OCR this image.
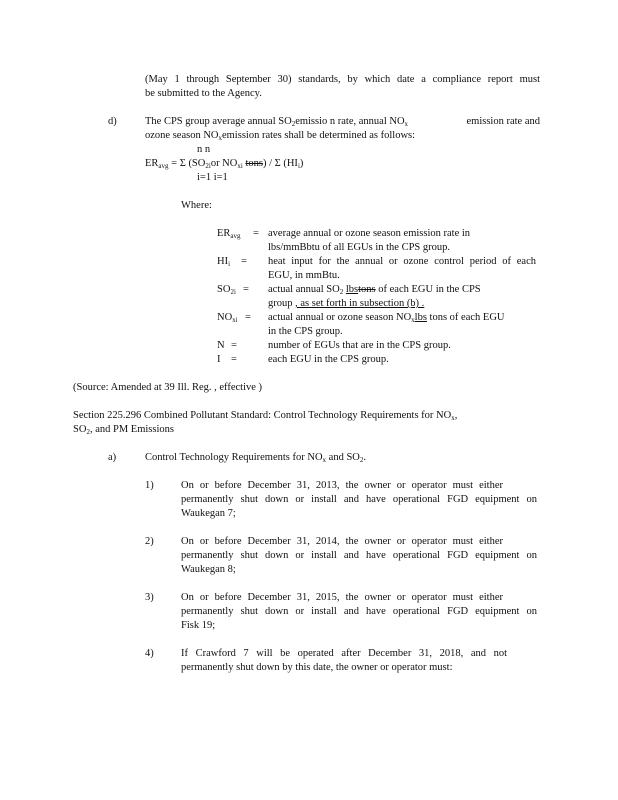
(May 1 through September 30) standards, by which date a compliance report must
be submitted to the Agency.
d)	The CPS group average annual $SO_2emissio$ n rate, annual $NO_x$	emission rate and
ozone season $NO_xemission$ rates shall be determined as follows:
n n
$ER_{avg} = \Sigma$ ($SO_{2i}or$ $NO_{xi}$ tons) / Σ $(HI_i)$
i=1 i=1
Where:
$ER_{avg}$ = average annual or ozone season emission rate in
lbs/mmBbtu of all EGUs in the CPS group.
$HI_i$ = heat input for the annual or ozone control period of each
EGU, in mmBtu.
$SO_{2i}$ = actual annual $SO_2$ lbstons of each EGU in the CPS
group , as set forth in subsection (b) .
$NO_{xi}$ = actual annual or ozone season $NO_xlbs$ tons of each EGU
in the CPS group.
N =	number of EGUs that are in the CPS group.
I =	each EGU in the CPS group.
(Source: Amended at 39 Ill. Reg. , effective )
Section 225.296 Combined Pollutant Standard: Control Technology Requirements for $NO_x$,
$SO_2$, and PM Emissions
a)	Control Technology Requirements for $NO_x$ and $SO_2$.
1)	On or before December 31, 2013, the owner or operator must either
permanently shut down or install and have operational FGD equipment on
Waukegan 7;
2)	On or before December 31, 2014, the owner or operator must either
permanently shut down or install and have operational FGD equipment on
Waukegan 8;
3)	On or before December 31, 2015, the owner or operator must either
permanently shut down or install and have operational FGD equipment on
Fisk 19;
4)	If Crawford 7 will be operated after December 31, 2018, and not
permanently shut down by this date, the owner or operator must:
